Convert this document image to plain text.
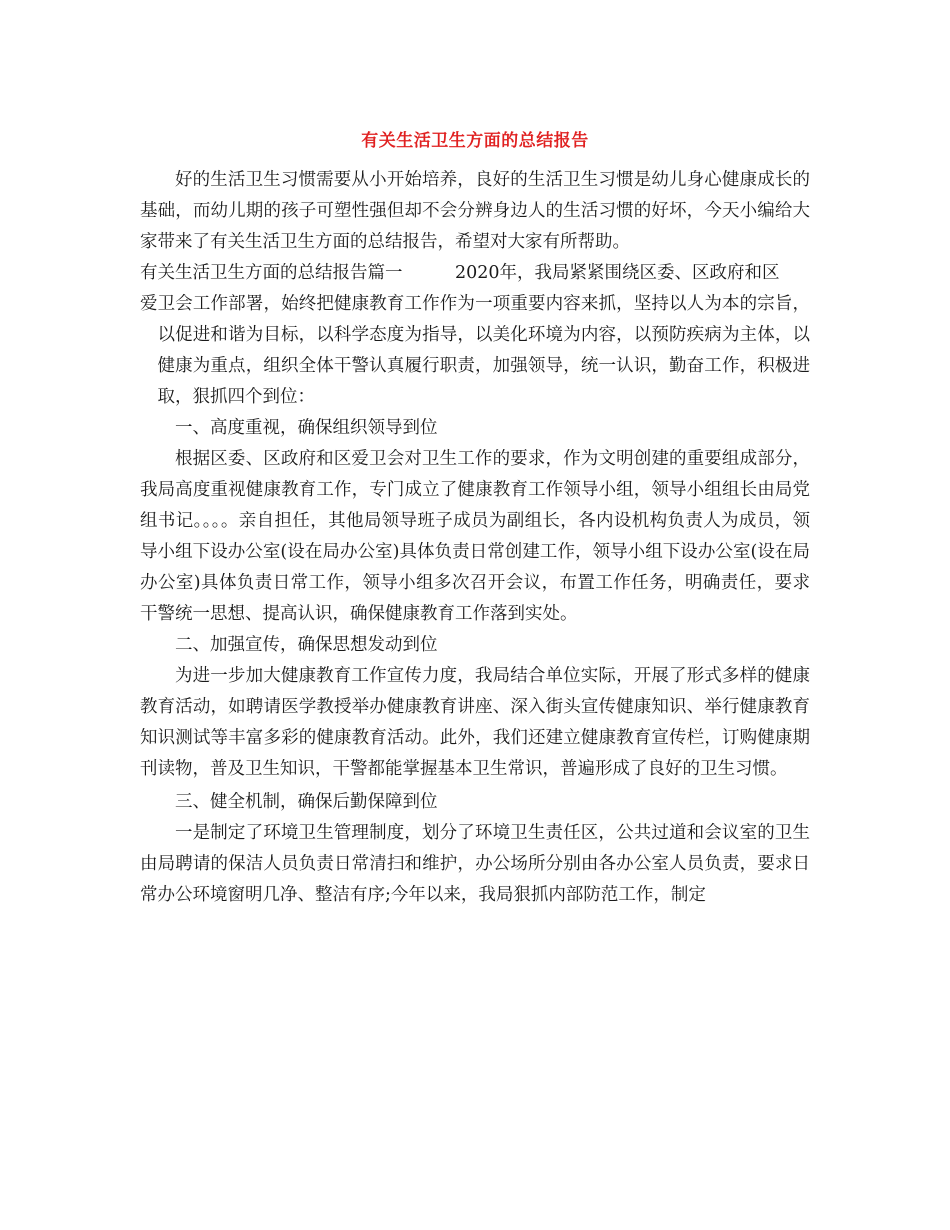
有关生活卫生方面的总结报告

好的生活卫生习惯需要从小开始培养，良好的生活卫生习惯是幼儿身心健康成长的基础，而幼儿期的孩子可塑性强但却不会分辨身边人的生活习惯的好坏，今天小编给大家带来了有关生活卫生方面的总结报告，希望对大家有所帮助。

有关生活卫生方面的总结报告篇一　　　2020年，我局紧紧围绕区委、区政府和区

爱卫会工作部署，始终把健康教育工作作为一项重要内容来抓，坚持以人为本的宗旨，以促进和谐为目标，以科学态度为指导，以美化环境为内容，以预防疾病为主体，以健康为重点，组织全体干警认真履行职责，加强领导，统一认识，勤奋工作，积极进取，狠抓四个到位：

一、高度重视，确保组织领导到位

根据区委、区政府和区爱卫会对卫生工作的要求，作为文明创建的重要组成部分，我局高度重视健康教育工作，专门成立了健康教育工作领导小组，领导小组组长由局党组书记。。。。亲自担任，其他局领导班子成员为副组长，各内设机构负责人为成员，领导小组下设办公室(设在局办公室)具体负责日常创建工作，领导小组下设办公室(设在局办公室)具体负责日常工作，领导小组多次召开会议，布置工作任务，明确责任，要求干警统一思想、提高认识，确保健康教育工作落到实处。

二、加强宣传，确保思想发动到位

为进一步加大健康教育工作宣传力度，我局结合单位实际，开展了形式多样的健康教育活动，如聘请医学教授举办健康教育讲座、深入街头宣传健康知识、举行健康教育知识测试等丰富多彩的健康教育活动。此外，我们还建立健康教育宣传栏，订购健康期刊读物，普及卫生知识，干警都能掌握基本卫生常识，普遍形成了良好的卫生习惯。

三、健全机制，确保后勤保障到位

一是制定了环境卫生管理制度，划分了环境卫生责任区，公共过道和会议室的卫生由局聘请的保洁人员负责日常清扫和维护，办公场所分别由各办公室人员负责，要求日常办公环境窗明几净、整洁有序;今年以来，我局狠抓内部防范工作，制定
